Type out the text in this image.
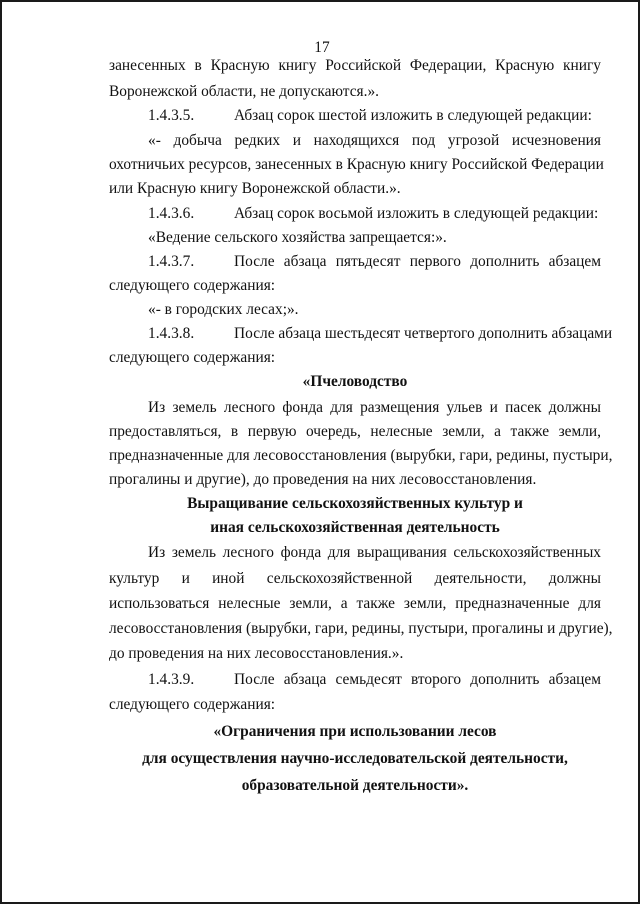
17
занесенных в Красную книгу Российской Федерации, Красную книгу
Воронежской области, не допускаются.».
1.4.3.5.	Абзац сорок шестой изложить в следующей редакции:
«- добыча редких и находящихся под угрозой исчезновения
охотничьих ресурсов, занесенных в Красную книгу Российской Федерации
или Красную книгу Воронежской области.».
1.4.3.6.	Абзац сорок восьмой изложить в следующей редакции:
«Ведение сельского хозяйства запрещается:».
1.4.3.7.	После абзаца пятьдесят первого дополнить абзацем
следующего содержания:
«- в городских лесах;».
1.4.3.8.	После абзаца шестьдесят четвертого дополнить абзацами
следующего содержания:
«Пчеловодство
Из земель лесного фонда для размещения ульев и пасек должны
предоставляться, в первую очередь, нелесные земли, а также земли,
предназначенные для лесовосстановления (вырубки, гари, редины, пустыри,
прогалины и другие), до проведения на них лесовосстановления.
Выращивание сельскохозяйственных культур и
иная сельскохозяйственная деятельность
Из земель лесного фонда для выращивания сельскохозяйственных
культур и иной сельскохозяйственной деятельности, должны
использоваться нелесные земли, а также земли, предназначенные для
лесовосстановления (вырубки, гари, редины, пустыри, прогалины и другие),
до проведения на них лесовосстановления.».
1.4.3.9.	После абзаца семьдесят второго дополнить абзацем
следующего содержания:
«Ограничения при использовании лесов
для осуществления научно-исследовательской деятельности,
образовательной деятельности».
